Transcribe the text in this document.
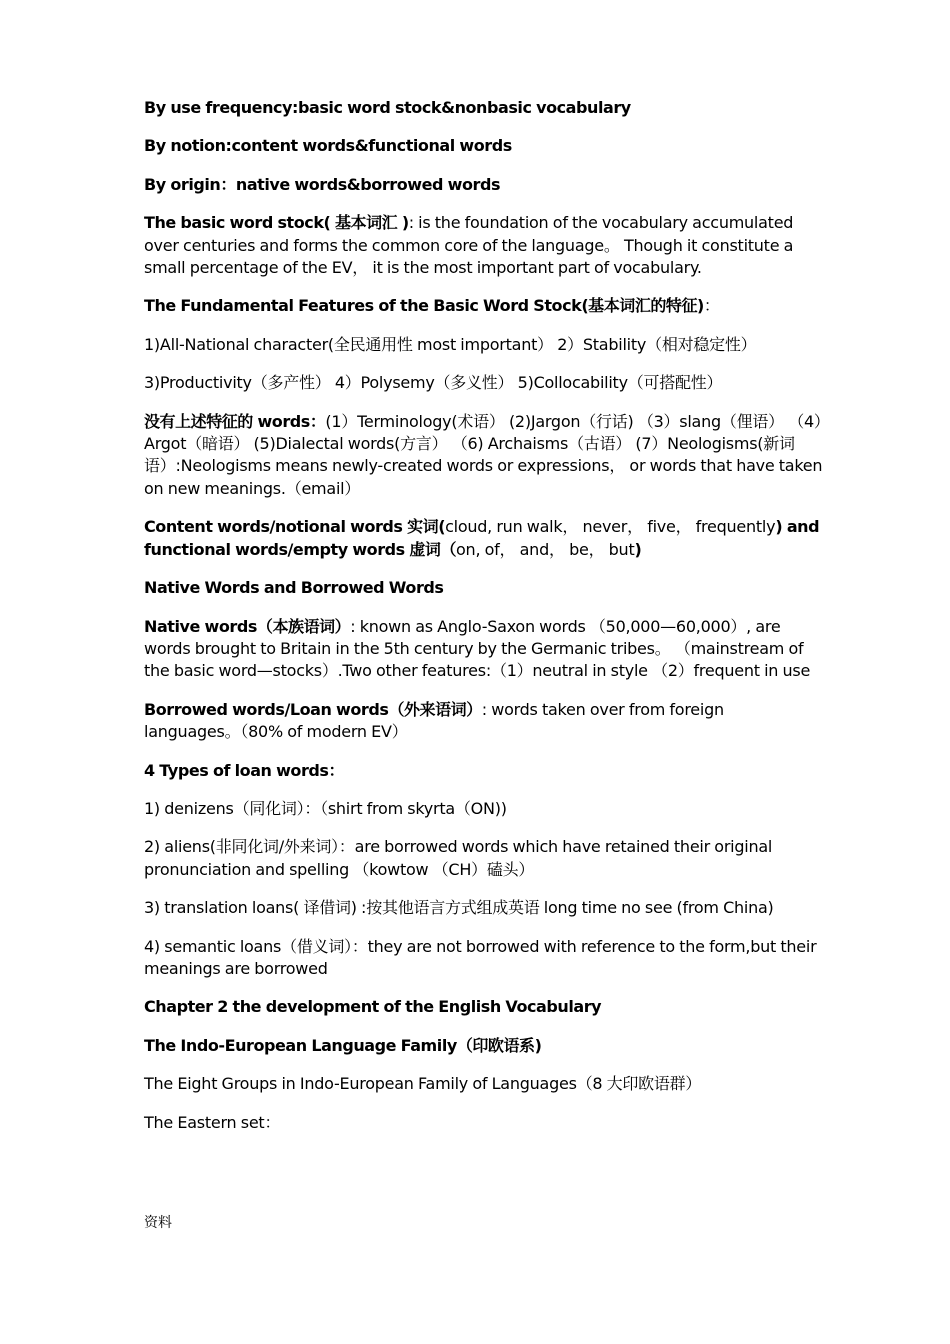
By use frequency:basic word stock&nonbasic vocabulary

By notion:content words&functional words

By origin：native words&borrowed words

The basic word stock( 基本词汇 ): is the foundation of the vocabulary accumulated over centuries and forms the common core of the language。 Though it constitute a small percentage of the EV， it is the most important part of vocabulary.

The Fundamental Features of the Basic Word Stock(基本词汇的特征)：

1)All-National character(全民通用性 most important） 2）Stability（相对稳定性）

3)Productivity（多产性） 4）Polysemy（多义性） 5)Collocability（可搭配性）

没有上述特征的 words：(1）Terminology(术语） (2)Jargon（行话) （3）slang（俚语） （4）Argot（暗语） (5)Dialectal words(方言） （6) Archaisms（古语） (7）Neologisms(新词语）:Neologisms means newly-created words or expressions， or words that have taken on new meanings.（email）

Content words/notional words 实词(cloud, run walk， never， five， frequently) and functional words/empty words 虚词（on, of， and， be， but)

Native Words and Borrowed Words

Native words（本族语词）: known as Anglo-Saxon words （50,000—60,000）, are words brought to Britain in the 5th century by the Germanic tribes。 （mainstream of the basic word—stocks）.Two other features:（1）neutral in style （2）frequent in use

Borrowed words/Loan words（外来语词）: words taken over from foreign languages。（80% of modern EV）

4 Types of loan words：

1) denizens（同化词）：（shirt from skyrta（ON))

2) aliens(非同化词/外来词）：are borrowed words which have retained their original pronunciation and spelling （kowtow （CH）磕头）

3) translation loans( 译借词) :按其他语言方式组成英语 long time no see (from China)

4) semantic loans（借义词）：they are not borrowed with reference to the form,but their meanings are borrowed

Chapter 2 the development of the English Vocabulary

The Indo-European Language Family（印欧语系)

The Eight Groups in Indo-European Family of Languages（8 大印欧语群）

The Eastern set：

资料
